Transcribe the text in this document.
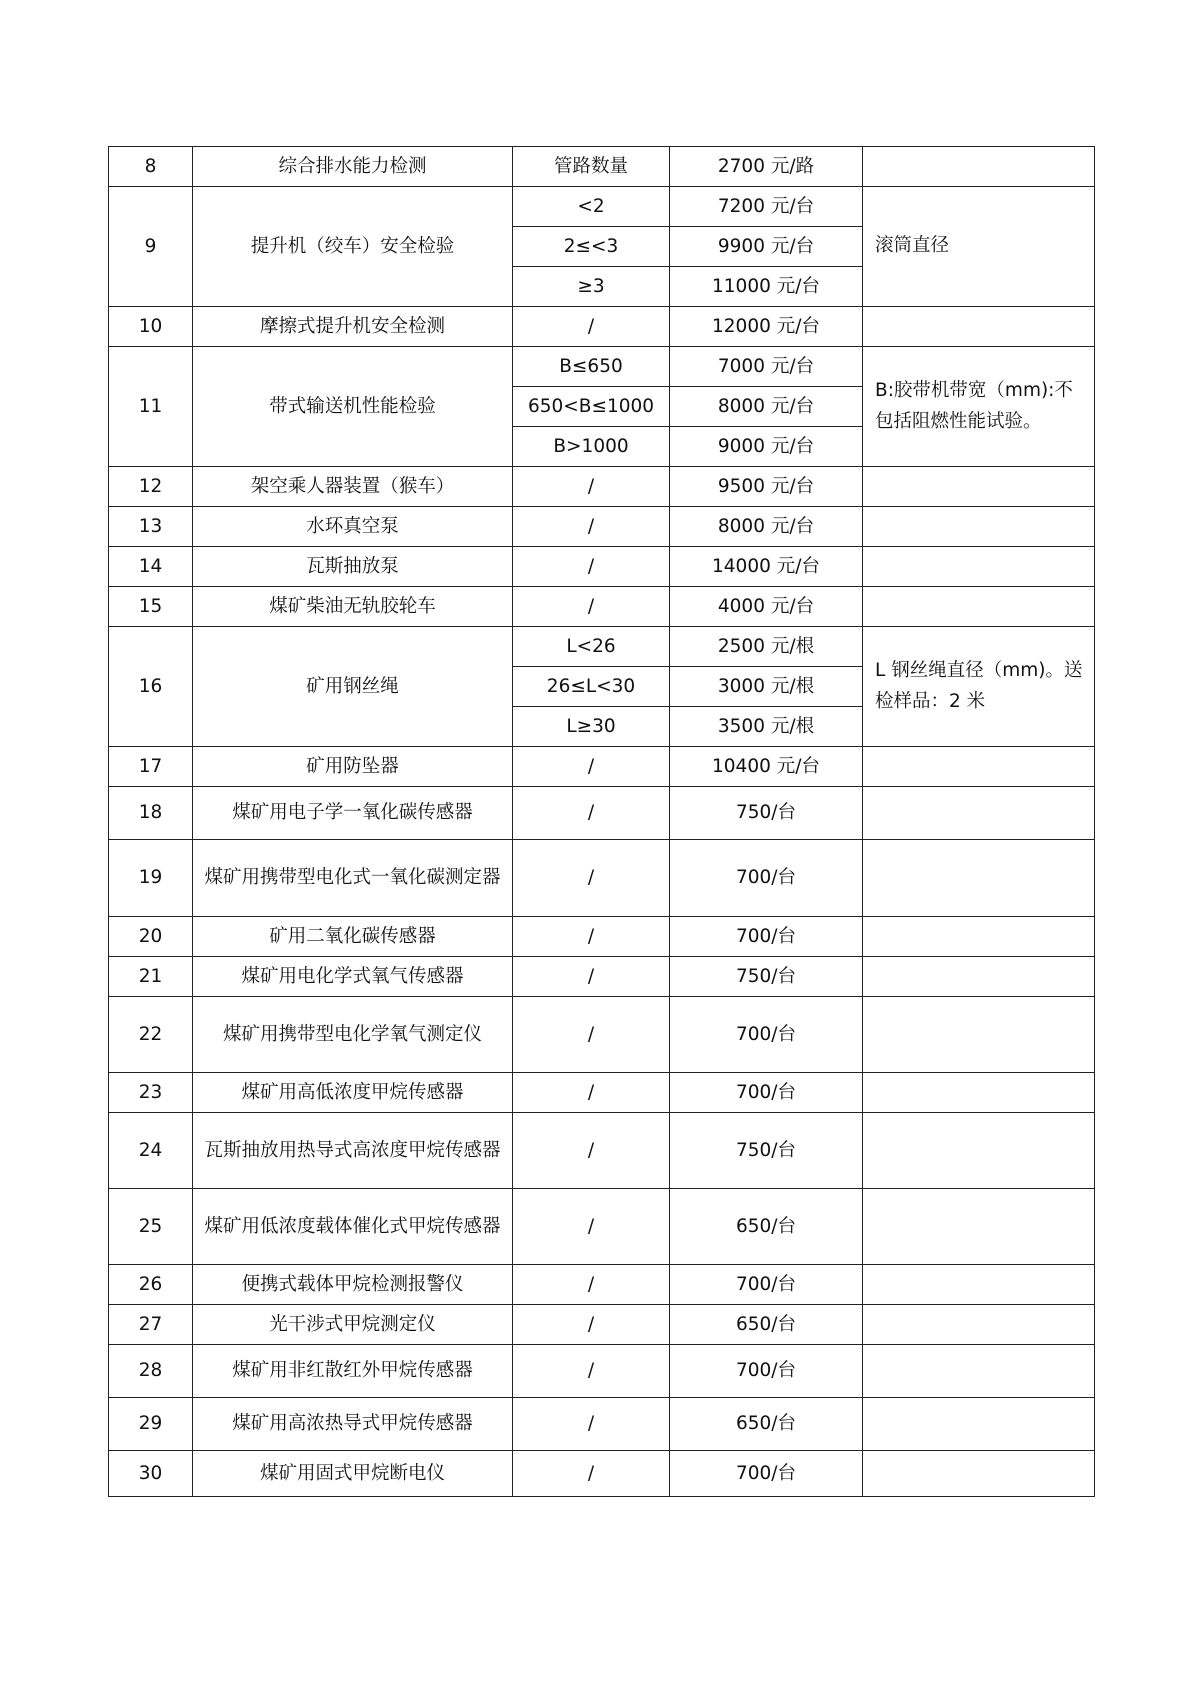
8	综合排水能力检测	管路数量	2700 元/路	
9	提升机（绞车）安全检验	<2	7200 元/台	滚筒直径
		2≤<3	9900 元/台	
		≥3	11000 元/台	
10	摩擦式提升机安全检测	/	12000 元/台	
11	带式输送机性能检验	B≤650	7000 元/台	B:胶带机带宽（mm):不包括阻燃性能试验。
		650<B≤1000	8000 元/台	
		B>1000	9000 元/台	
12	架空乘人器装置（猴车）	/	9500 元/台	
13	水环真空泵	/	8000 元/台	
14	瓦斯抽放泵	/	14000 元/台	
15	煤矿柴油无轨胶轮车	/	4000 元/台	
16	矿用钢丝绳	L<26	2500 元/根	L 钢丝绳直径（mm)。送检样品：2 米
		26≤L<30	3000 元/根	
		L≥30	3500 元/根	
17	矿用防坠器	/	10400 元/台	
18	煤矿用电子学一氧化碳传感器	/	750/台	
19	煤矿用携带型电化式一氧化碳测定器	/	700/台	
20	矿用二氧化碳传感器	/	700/台	
21	煤矿用电化学式氧气传感器	/	750/台	
22	煤矿用携带型电化学氧气测定仪	/	700/台	
23	煤矿用高低浓度甲烷传感器	/	700/台	
24	瓦斯抽放用热导式高浓度甲烷传感器	/	750/台	
25	煤矿用低浓度载体催化式甲烷传感器	/	650/台	
26	便携式载体甲烷检测报警仪	/	700/台	
27	光干涉式甲烷测定仪	/	650/台	
28	煤矿用非红散红外甲烷传感器	/	700/台	
29	煤矿用高浓热导式甲烷传感器	/	650/台	
30	煤矿用固式甲烷断电仪	/	700/台	
